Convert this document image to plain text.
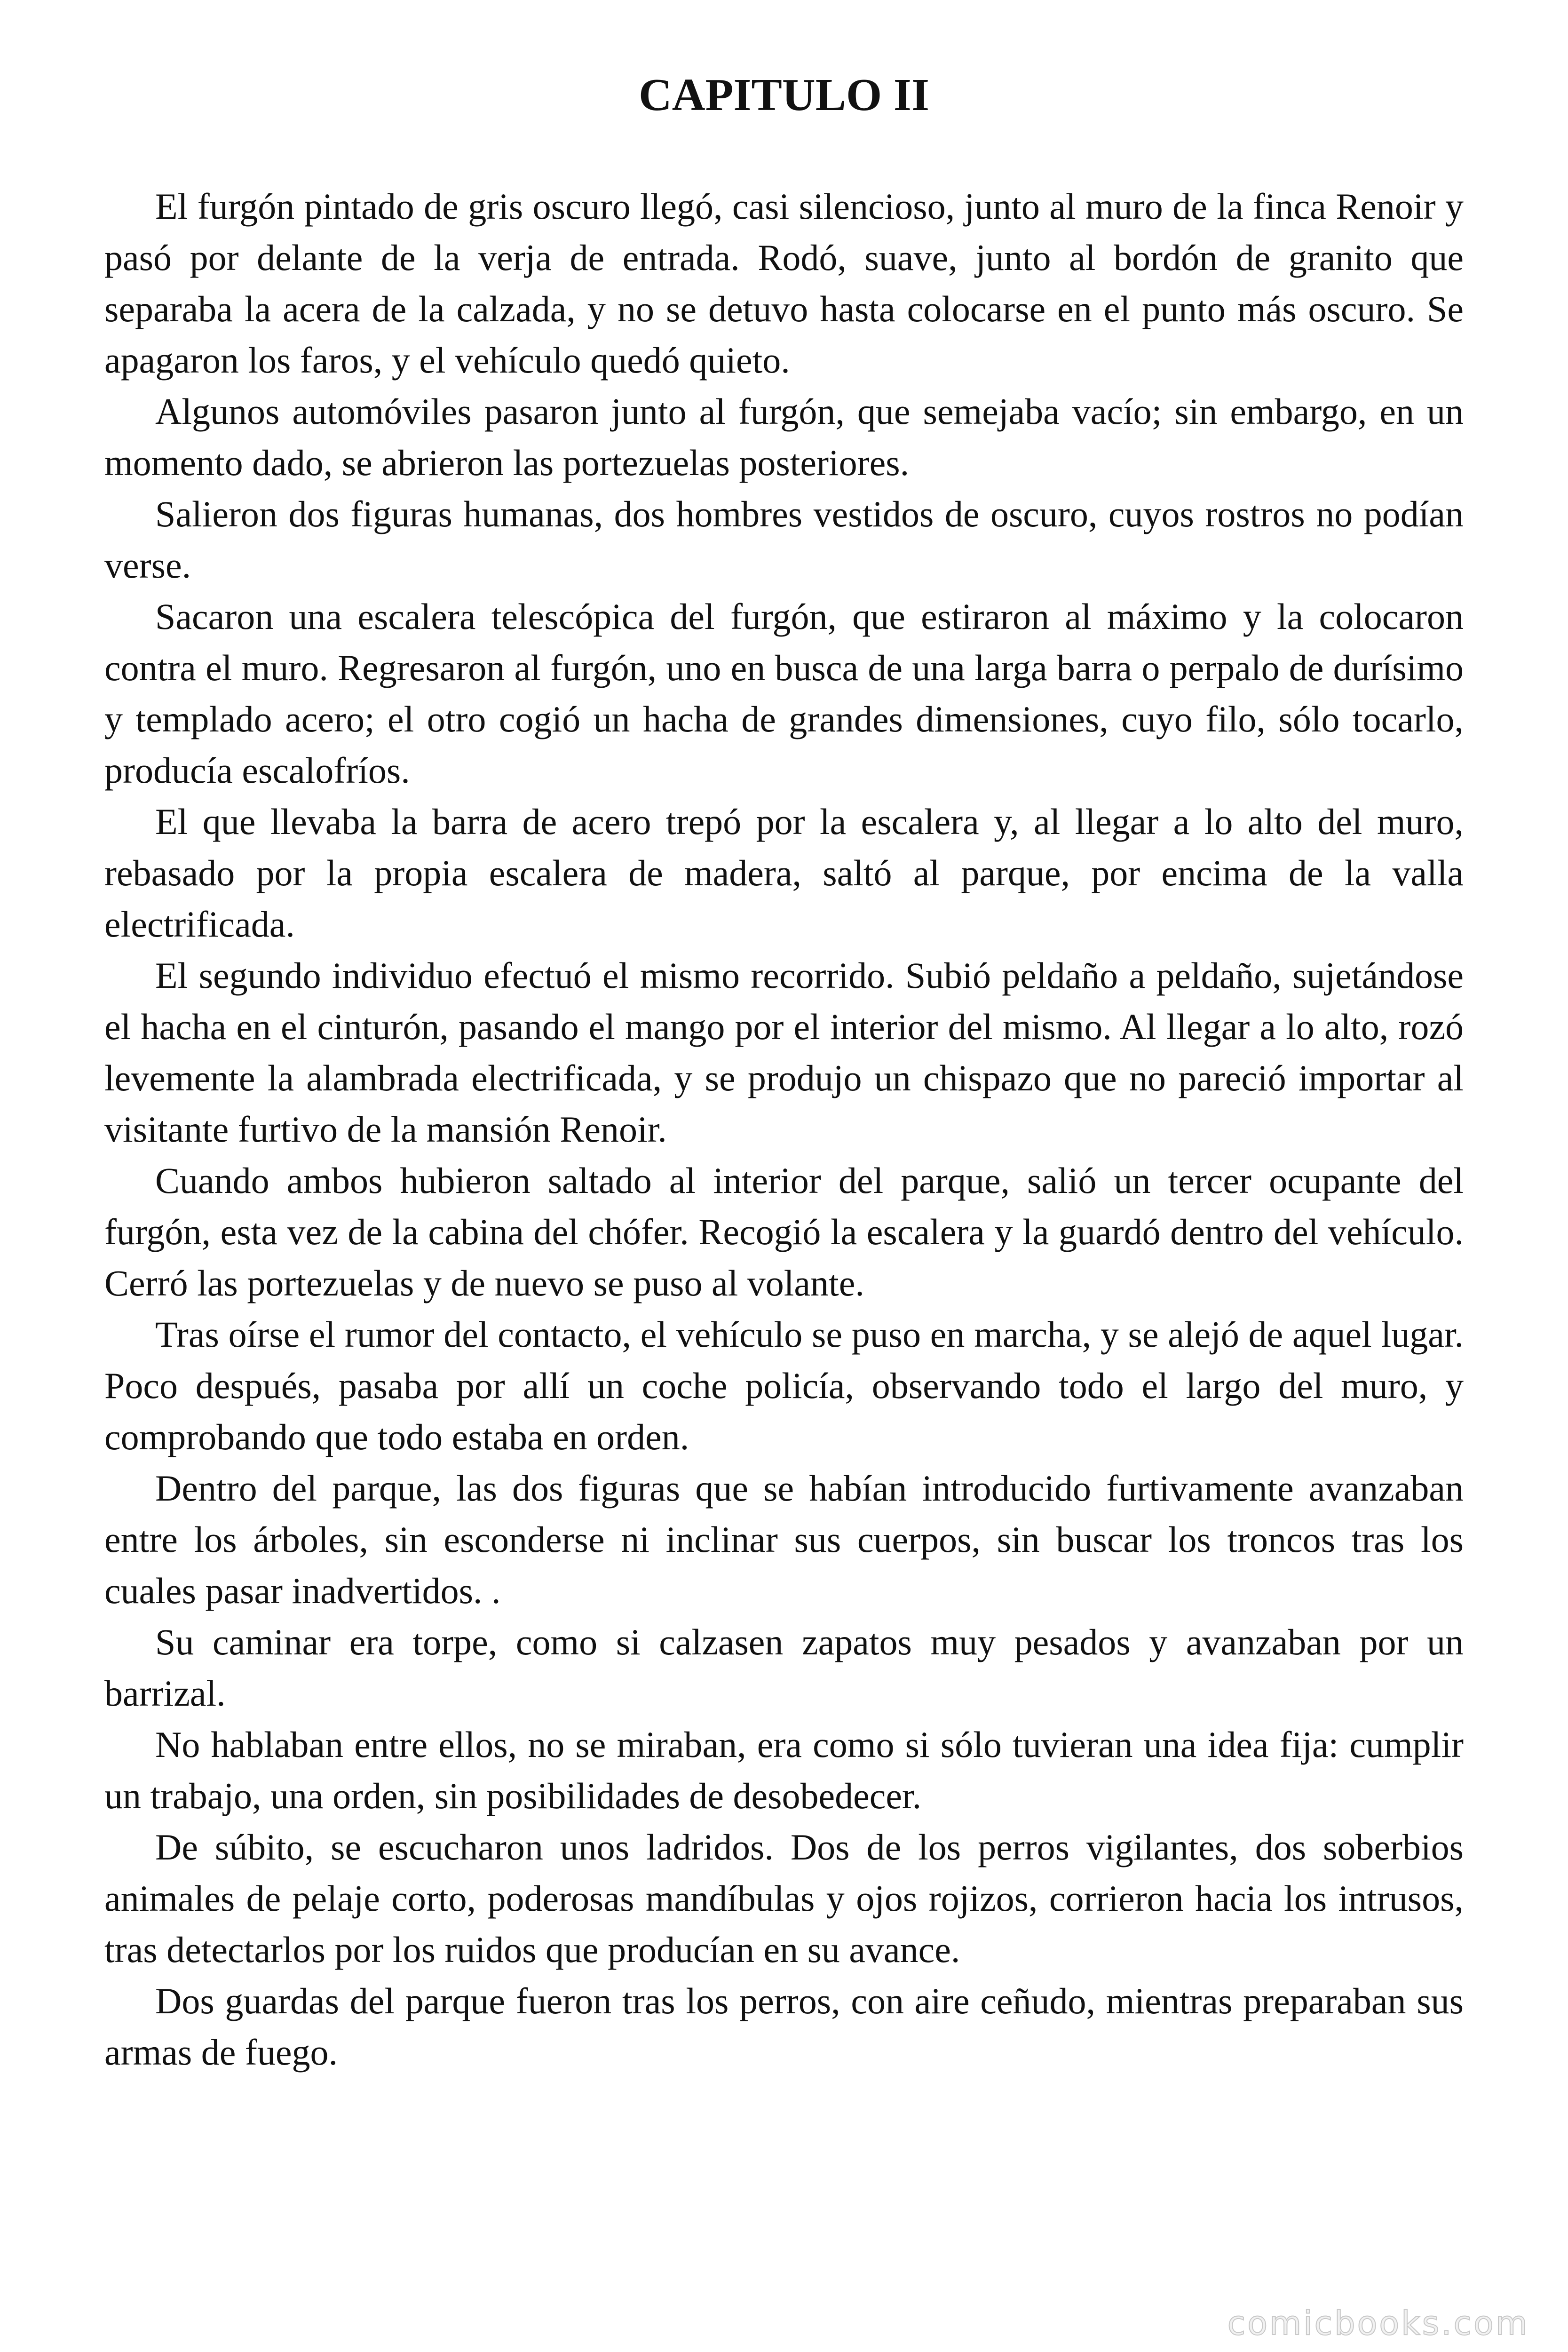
CAPITULO II

El furgón pintado de gris oscuro llegó, casi silencioso, junto al muro de la finca Renoir y pasó por delante de la verja de entrada. Rodó, suave, junto al bordón de granito que separaba la acera de la calzada, y no se detuvo hasta colocarse en el punto más oscuro. Se apagaron los faros, y el vehículo quedó quieto.

Algunos automóviles pasaron junto al furgón, que semejaba vacío; sin embargo, en un momento dado, se abrieron las portezuelas posteriores.

Salieron dos figuras humanas, dos hombres vestidos de oscuro, cuyos rostros no podían verse.

Sacaron una escalera telescópica del furgón, que estiraron al máximo y la colocaron contra el muro. Regresaron al furgón, uno en busca de una larga barra o perpalo de durísimo y templado acero; el otro cogió un hacha de grandes dimensiones, cuyo filo, sólo tocarlo, producía escalofríos.

El que llevaba la barra de acero trepó por la escalera y, al llegar a lo alto del muro, rebasado por la propia escalera de madera, saltó al parque, por encima de la valla electrificada.

El segundo individuo efectuó el mismo recorrido. Subió peldaño a peldaño, sujetándose el hacha en el cinturón, pasando el mango por el interior del mismo. Al llegar a lo alto, rozó levemente la alambrada electrificada, y se produjo un chispazo que no pareció importar al visitante furtivo de la mansión Renoir.

Cuando ambos hubieron saltado al interior del parque, salió un tercer ocupante del furgón, esta vez de la cabina del chófer. Recogió la escalera y la guardó dentro del vehículo. Cerró las portezuelas y de nuevo se puso al volante.

Tras oírse el rumor del contacto, el vehículo se puso en marcha, y se alejó de aquel lugar. Poco después, pasaba por allí un coche policía, observando todo el largo del muro, y comprobando que todo estaba en orden.

Dentro del parque, las dos figuras que se habían introducido furtivamente avanzaban entre los árboles, sin esconderse ni inclinar sus cuerpos, sin buscar los troncos tras los cuales pasar inadvertidos. .

Su caminar era torpe, como si calzasen zapatos muy pesados y avanzaban por un barrizal.

No hablaban entre ellos, no se miraban, era como si sólo tuvieran una idea fija: cumplir un trabajo, una orden, sin posibilidades de desobedecer.

De súbito, se escucharon unos ladridos. Dos de los perros vigilantes, dos soberbios animales de pelaje corto, poderosas mandíbulas y ojos rojizos, corrieron hacia los intrusos, tras detectarlos por los ruidos que producían en su avance.

Dos guardas del parque fueron tras los perros, con aire ceñudo, mientras preparaban sus armas de fuego.

comicbooks.com
